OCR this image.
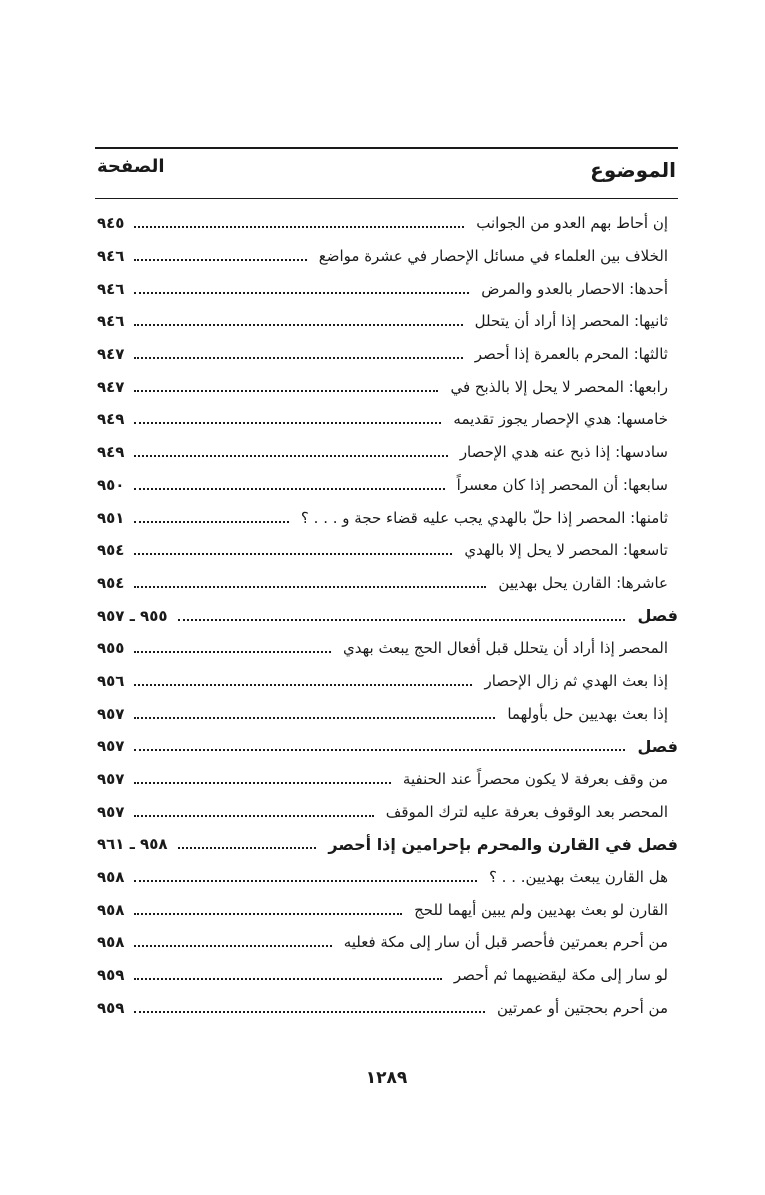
الموضوع
الصفحة
إن أحاط بهم العدو من الجوانب
٩٤٥
الخلاف بين العلماء في مسائل الإحصار في عشرة مواضع
٩٤٦
أحدها: الاحصار بالعدو والمرض
٩٤٦
ثانيها: المحصر إذا أراد أن يتحلل
٩٤٦
ثالثها: المحرم بالعمرة إذا أحصر
٩٤٧
رابعها: المحصر لا يحل إلا بالذبح في
٩٤٧
خامسها: هدي الإحصار يجوز تقديمه
٩٤٩
سادسها: إذا ذبح عنه هدي الإحصار
٩٤٩
سابعها: أن المحصر إذا كان معسراً
٩٥٠
ثامنها: المحصر إذا حلّ بالهدي يجب عليه قضاء حجة و . . . ؟
٩٥١
تاسعها: المحصر لا يحل إلا بالهدي
٩٥٤
عاشرها: القارن يحل بهديين
٩٥٤
فصل
٩٥٥ ـ ٩٥٧
المحصر إذا أراد أن يتحلل قبل أفعال الحج يبعث بهدي
٩٥٥
إذا بعث الهدي ثم زال الإحصار
٩٥٦
إذا بعث بهديين حل بأولهما
٩٥٧
فصل
٩٥٧
من وقف بعرفة لا يكون محصراً عند الحنفية
٩٥٧
المحصر بعد الوقوف بعرفة عليه لترك الموقف
٩٥٧
فصل في القارن والمحرم بإحرامين إذا أحصر
٩٥٨ ـ ٩٦١
هل القارن يبعث بهديين. . . ؟
٩٥٨
القارن لو بعث بهديين ولم يبين أيهما للحج
٩٥٨
من أحرم بعمرتين فأحصر قبل أن سار إلى مكة فعليه
٩٥٨
لو سار إلى مكة ليقضيهما ثم أحصر
٩٥٩
من أحرم بحجتين أو عمرتين
٩٥٩
١٢٨٩
